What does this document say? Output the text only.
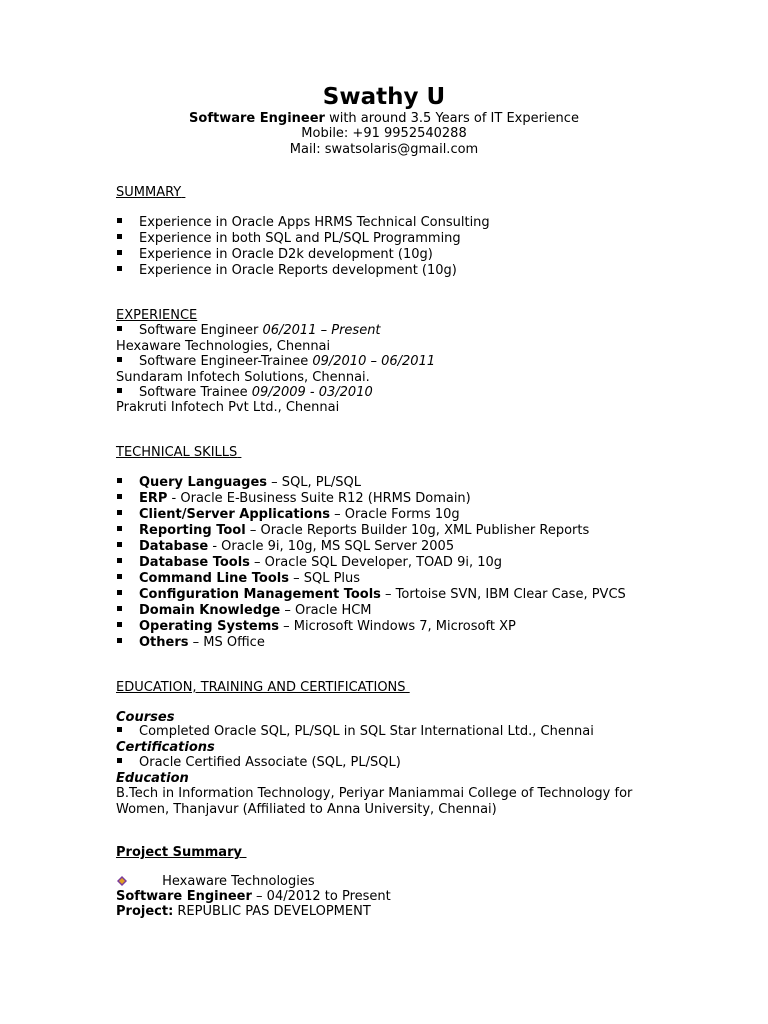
Swathy U
Software Engineer with around 3.5 Years of IT Experience
Mobile: +91 9952540288
Mail: swatsolaris@gmail.com
SUMMARY
Experience in Oracle Apps HRMS Technical Consulting
Experience in both SQL and PL/SQL Programming
Experience in Oracle D2k development (10g)
Experience in Oracle Reports development (10g)
EXPERIENCE
Software Engineer 06/2011 – Present
Hexaware Technologies, Chennai
Software Engineer-Trainee 09/2010 – 06/2011
Sundaram Infotech Solutions, Chennai.
Software Trainee 09/2009 - 03/2010
Prakruti Infotech Pvt Ltd., Chennai
TECHNICAL SKILLS
Query Languages – SQL, PL/SQL
ERP - Oracle E-Business Suite R12 (HRMS Domain)
Client/Server Applications – Oracle Forms 10g
Reporting Tool – Oracle Reports Builder 10g, XML Publisher Reports
Database - Oracle 9i, 10g, MS SQL Server 2005
Database Tools – Oracle SQL Developer, TOAD 9i, 10g
Command Line Tools – SQL Plus
Configuration Management Tools – Tortoise SVN, IBM Clear Case, PVCS
Domain Knowledge – Oracle HCM
Operating Systems – Microsoft Windows 7, Microsoft XP
Others – MS Office
EDUCATION, TRAINING AND CERTIFICATIONS
Courses
Completed Oracle SQL, PL/SQL in SQL Star International Ltd., Chennai
Certifications
Oracle Certified Associate (SQL, PL/SQL)
Education
B.Tech in Information Technology, Periyar Maniammai College of Technology for
Women, Thanjavur (Affiliated to Anna University, Chennai)
Project Summary
Hexaware Technologies
Software Engineer – 04/2012 to Present
Project: REPUBLIC PAS DEVELOPMENT
